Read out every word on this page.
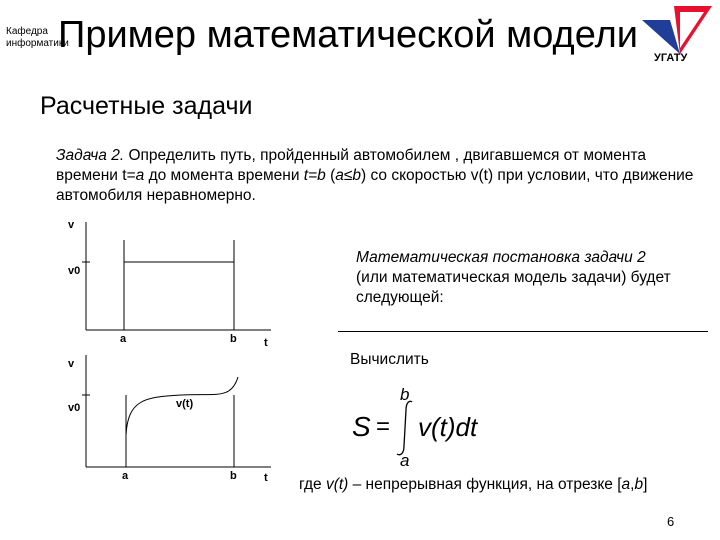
Кафедра
информатики
Пример математической модели
УГАТУ
Расчетные задачи
Задача 2. Определить путь, пройденный автомобилем , двигавшемся от момента времени t=a до момента времени t=b (a≤b) со скоростью v(t) при условии, что движение автомобиля неравномерно.
v
v0
a	b t
v
v0	v(t)
a	b t
Математическая постановка задачи 2 (или математическая модель задачи) будет следующей:
Вычислить
S =
b
a
v(t)dt
где v(t) – непрерывная функция, на отрезке [a,b]
6
